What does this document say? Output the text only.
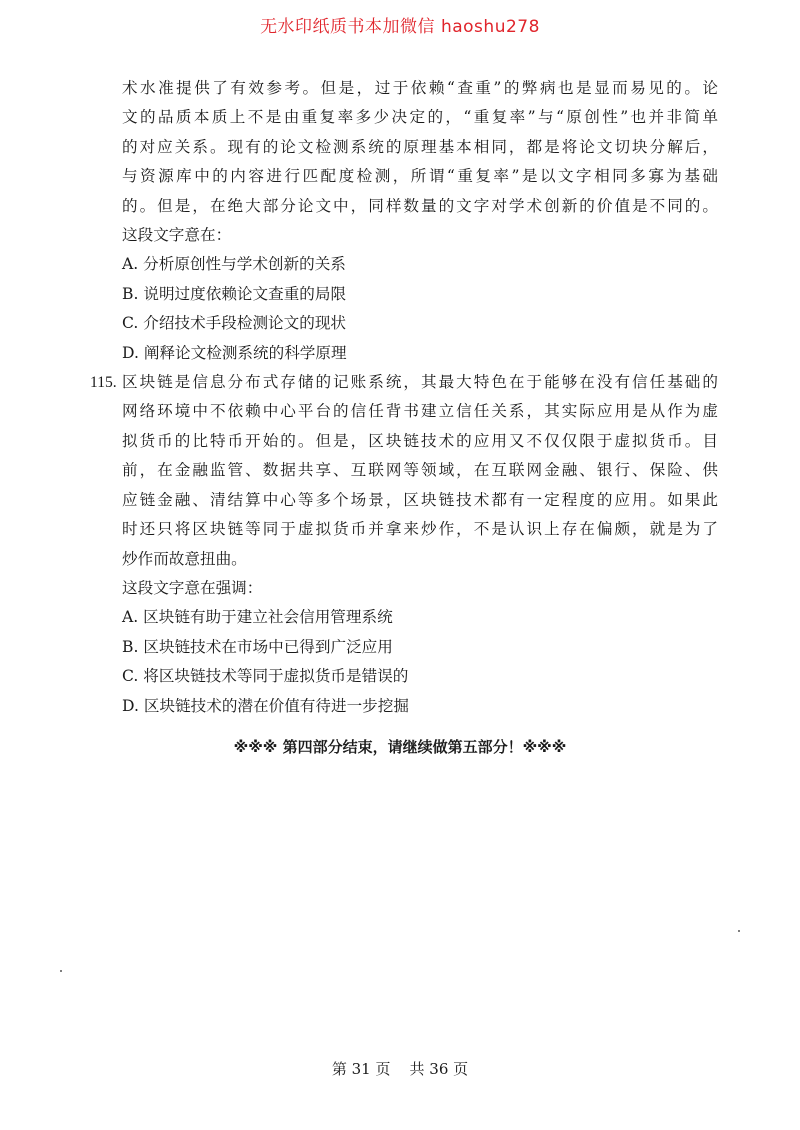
无水印纸质书本加微信 haoshu278
术水准提供了有效参考。但是，过于依赖“查重”的弊病也是显而易见的。论
文的品质本质上不是由重复率多少决定的，“重复率”与“原创性”也并非简单
的对应关系。现有的论文检测系统的原理基本相同，都是将论文切块分解后，
与资源库中的内容进行匹配度检测，所谓“重复率”是以文字相同多寡为基础
的。但是，在绝大部分论文中，同样数量的文字对学术创新的价值是不同的。
这段文字意在：
A. 分析原创性与学术创新的关系
B. 说明过度依赖论文查重的局限
C. 介绍技术手段检测论文的现状
D. 阐释论文检测系统的科学原理
115. 区块链是信息分布式存储的记账系统，其最大特色在于能够在没有信任基础的
网络环境中不依赖中心平台的信任背书建立信任关系，其实际应用是从作为虚
拟货币的比特币开始的。但是，区块链技术的应用又不仅仅限于虚拟货币。目
前，在金融监管、数据共享、互联网等领域，在互联网金融、银行、保险、供
应链金融、清结算中心等多个场景，区块链技术都有一定程度的应用。如果此
时还只将区块链等同于虚拟货币并拿来炒作，不是认识上存在偏颇，就是为了
炒作而故意扭曲。
这段文字意在强调：
A. 区块链有助于建立社会信用管理系统
B. 区块链技术在市场中已得到广泛应用
C. 将区块链技术等同于虚拟货币是错误的
D. 区块链技术的潜在价值有待进一步挖掘
※※※ 第四部分结束，请继续做第五部分！※※※
第 31 页    共 36 页
